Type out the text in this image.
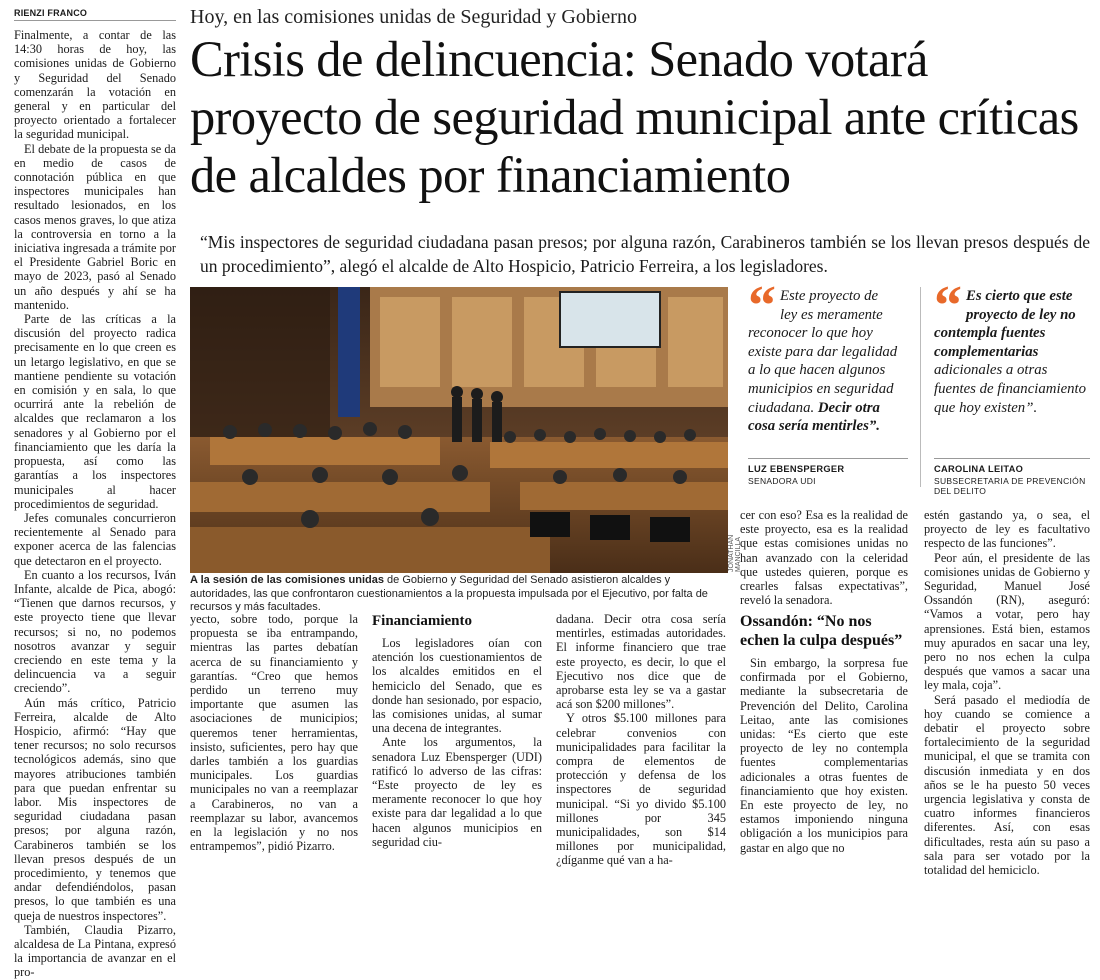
RIENZI FRANCO

Finalmente, a contar de las 14:30 horas de hoy, las comisiones unidas de Gobierno y Seguridad del Senado comenzarán la votación en general y en particular del proyecto orientado a fortalecer la seguridad municipal.

El debate de la propuesta se da en medio de casos de connotación pública en que inspectores municipales han resultado lesionados, en los casos menos graves, lo que atiza la controversia en torno a la iniciativa ingresada a trámite por el Presidente Gabriel Boric en mayo de 2023, pasó al Senado un año después y ahí se ha mantenido.

Parte de las críticas a la discusión del proyecto radica precisamente en lo que creen es un letargo legislativo, en que se mantiene pendiente su votación en comisión y en sala, lo que ocurrirá ante la rebelión de alcaldes que reclamaron a los senadores y al Gobierno por el financiamiento que les daría la propuesta, así como las garantías a los inspectores municipales al hacer procedimientos de seguridad.

Jefes comunales concurrieron recientemente al Senado para exponer acerca de las falencias que detectaron en el proyecto.

En cuanto a los recursos, Iván Infante, alcalde de Pica, abogó: “Tienen que darnos recursos, y este proyecto tiene que llevar recursos; si no, no podemos nosotros avanzar y seguir creciendo en este tema y la delincuencia va a seguir creciendo”.

Aún más crítico, Patricio Ferreira, alcalde de Alto Hospicio, afirmó: “Hay que tener recursos; no solo recursos tecnológicos además, sino que mayores atribuciones también para que puedan enfrentar su labor. Mis inspectores de seguridad ciudadana pasan presos; por alguna razón, Carabineros también se los llevan presos después de un procedimiento, y tenemos que andar defendiéndolos, pasan presos, lo que también es una queja de nuestros inspectores”.

También, Claudia Pizarro, alcaldesa de La Pintana, expresó la importancia de avanzar en el pro-

Hoy, en las comisiones unidas de Seguridad y Gobierno
Crisis de delincuencia: Senado votará proyecto de seguridad municipal ante críticas de alcaldes por financiamiento
“Mis inspectores de seguridad ciudadana pasan presos; por alguna razón, Carabineros también se los llevan presos después de un procedimiento”, alegó el alcalde de Alto Hospicio, Patricio Ferreira, a los legisladores.
JONATHAN MANCILLA
A la sesión de las comisiones unidas de Gobierno y Seguridad del Senado asistieron alcaldes y autoridades, las que confrontaron cuestionamientos a la propuesta impulsada por el Ejecutivo, por falta de recursos y más facultades.
“ Este proyecto de ley es meramente reconocer lo que hoy existe para dar legalidad a lo que hacen algunos municipios en seguridad ciudadana. Decir otra cosa sería mentirles”.
LUZ EBENSPERGER
SENADORA UDI
“ Es cierto que este proyecto de ley no contempla fuentes complementarias adicionales a otras fuentes de financiamiento que hoy existen”.
CAROLINA LEITAO
SUBSECRETARIA DE PREVENCIÓN DEL DELITO

cer con eso? Esa es la realidad de este proyecto, esa es la realidad que estas comisiones unidas no han avanzado con la celeridad que ustedes quieren, porque es crearles falsas expectativas”, reveló la senadora.

estén gastando ya, o sea, el proyecto de ley es facultativo respecto de las funciones”.

Peor aún, el presidente de las comisiones unidas de Gobierno y Seguridad, Manuel José Ossandón (RN), aseguró: “Vamos a votar, pero hay aprensiones. Está bien, estamos muy apurados en sacar una ley, pero no nos echen la culpa después que vamos a sacar una ley mala, coja”.

Será pasado el mediodía de hoy cuando se comience a debatir el proyecto sobre fortalecimiento de la seguridad municipal, el que se tramita con discusión inmediata y en dos años se le ha puesto 50 veces urgencia legislativa y consta de cuatro informes financieros diferentes. Así, con esas dificultades, resta aún su paso a sala para ser votado por la totalidad del hemiciclo.

yecto, sobre todo, porque la propuesta se iba entrampando, mientras las partes debatían acerca de su financiamiento y garantías. “Creo que hemos perdido un terreno muy importante que asumen las asociaciones de municipios; queremos tener herramientas, insisto, suficientes, pero hay que darles también a los guardias municipales. Los guardias municipales no van a reemplazar a Carabineros, no van a reemplazar su labor, avancemos en la legislación y no nos entrampemos”, pidió Pizarro.

Financiamiento

Los legisladores oían con atención los cuestionamientos de los alcaldes emitidos en el hemiciclo del Senado, que es donde han sesionado, por espacio, las comisiones unidas, al sumar una decena de integrantes.

Ante los argumentos, la senadora Luz Ebensperger (UDI) ratificó lo adverso de las cifras: “Este proyecto de ley es meramente reconocer lo que hoy existe para dar legalidad a lo que hacen algunos municipios en seguridad ciu-

dadana. Decir otra cosa sería mentirles, estimadas autoridades. El informe financiero que trae este proyecto, es decir, lo que el Ejecutivo nos dice que de aprobarse esta ley se va a gastar acá son $200 millones”.

Y otros $5.100 millones para celebrar convenios con municipalidades para facilitar la compra de elementos de protección y defensa de los inspectores de seguridad municipal. “Si yo divido $5.100 millones por 345 municipalidades, son $14 millones por municipalidad, ¿díganme qué van a ha-

Ossandón: “No nos echen la culpa después”

Sin embargo, la sorpresa fue confirmada por el Gobierno, mediante la subsecretaria de Prevención del Delito, Carolina Leitao, ante las comisiones unidas: “Es cierto que este proyecto de ley no contempla fuentes complementarias adicionales a otras fuentes de financiamiento que hoy existen. En este proyecto de ley, no estamos imponiendo ninguna obligación a los municipios para gastar en algo que no
